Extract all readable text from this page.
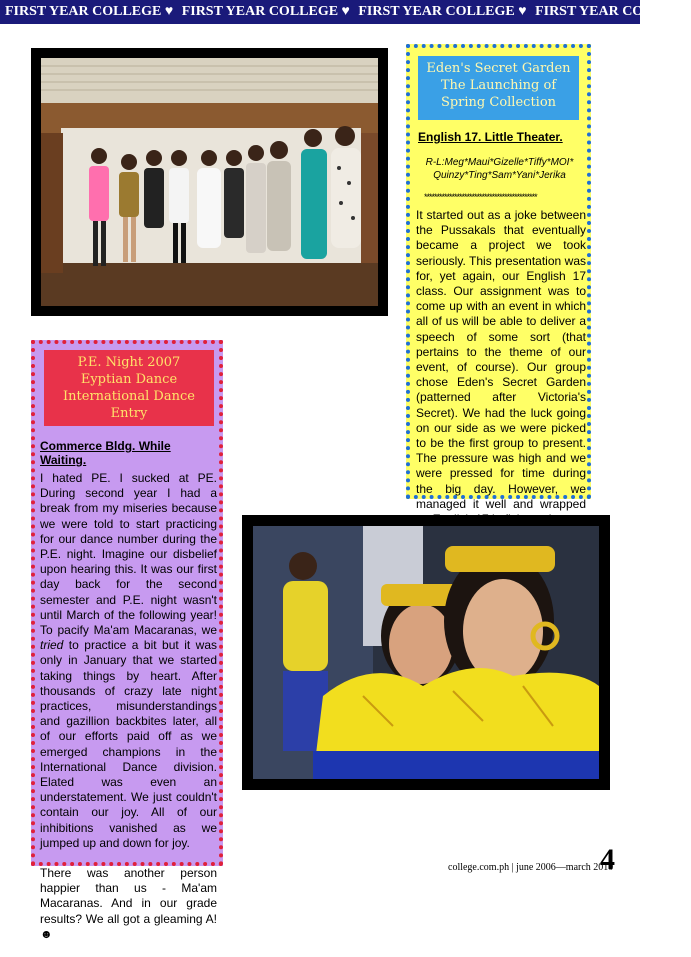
FIRST YEAR COLLEGE ♥ FIRST YEAR COLLEGE ♥ FIRST YEAR COLLEGE ♥ FIRST YEAR COLLEGE
Eden's Secret Garden
The Launching of
Spring Collection
English 17. Little Theater.
R-L:Meg*Maui*Gizelle*Tiffy*MOI*
Quinzy*Ting*Sam*Yani*Jerika
*********************************************
It started out as a joke between the Pussakals that eventually became a project we took seriously. This presentation was for, yet again, our English 17 class. Our assignment was to come up with an event in which all of us will be able to deliver a speech of some sort (that pertains to the theme of our event, of course). Our group chose Eden's Secret Garden (patterned after Victoria's Secret). We had the luck going on our side as we were picked to be the first group to present. The pressure was high and we were pressed for time during the big day. However, we managed it well and wrapped
P.E. Night 2007
Eyptian Dance
International Dance
Entry
Commerce Bldg. While Waiting.

I hated PE. I sucked at PE. During second year I had a break from my miseries because we were told to start practicing for our dance number during the P.E. night. Imagine our disbelief upon hearing this. It was our first day back for the second semester and P.E. night wasn't until March of the following year! To pacify Ma'am Macaranas, we tried to practice a bit but it was only in January that we started taking things by heart. After thousands of crazy late night practices, misunderstandings and gazillion backbites later, all of our efforts paid off as we emerged champions in the International Dance division. Elated was even an understatement. We just couldn't contain our joy. All of our inhibitions vanished as we jumped up and down for joy.

There was another person happier than us - Ma'am Macaranas. And in our grade results? We all got a gleaming A! ☻

college.com.ph | june 2006—march 2010
4
